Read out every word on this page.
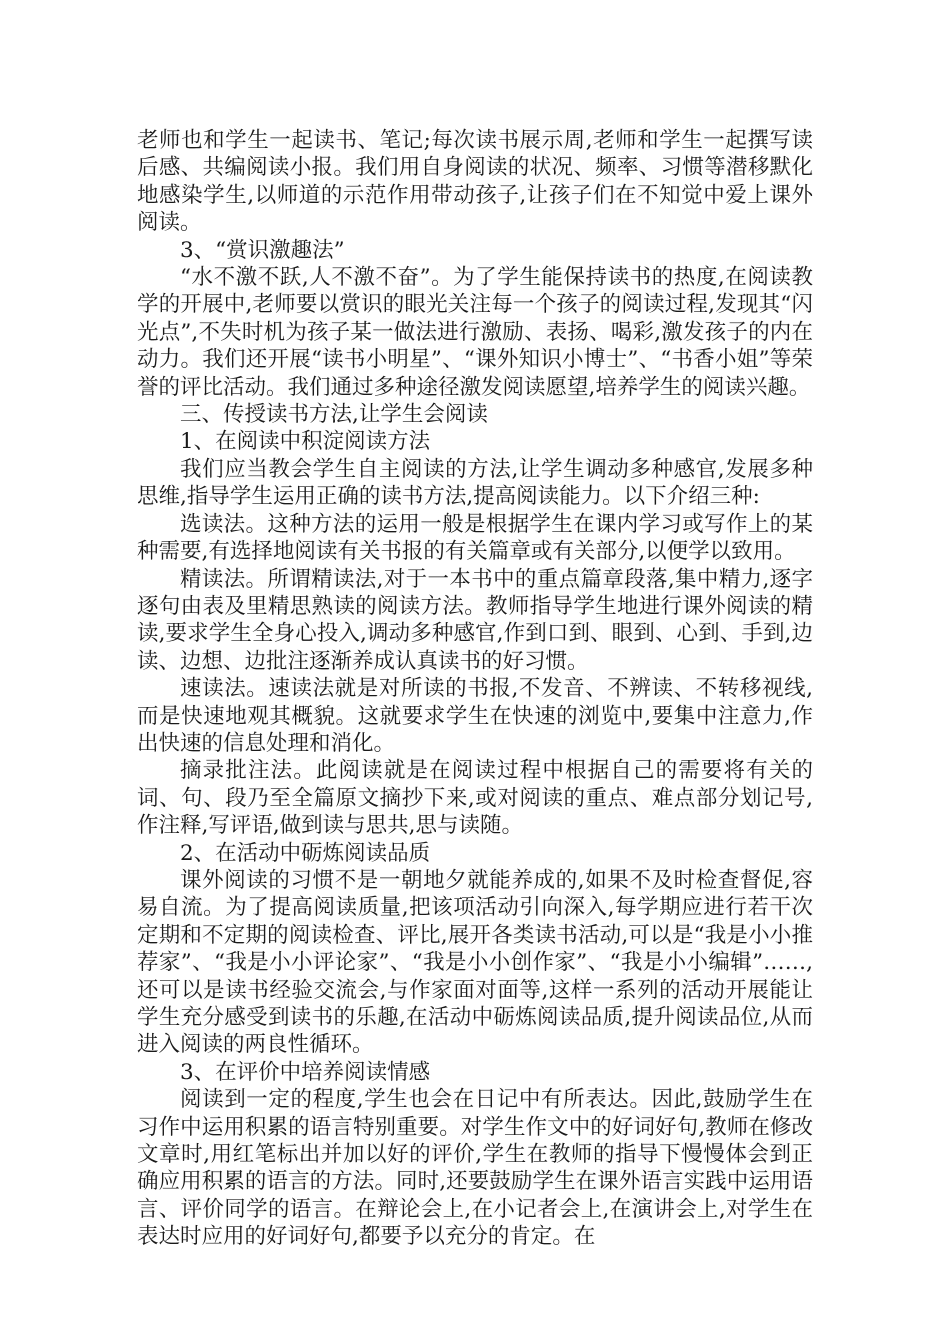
老师也和学生一起读书、笔记;每次读书展示周,老师和学生一起撰写读后感、共编阅读小报。我们用自身阅读的状况、频率、习惯等潜移默化地感染学生,以师道的示范作用带动孩子,让孩子们在不知觉中爱上课外阅读。

3、“赏识激趣法”

“水不激不跃,人不激不奋”。为了学生能保持读书的热度,在阅读教学的开展中,老师要以赏识的眼光关注每一个孩子的阅读过程,发现其“闪光点”,不失时机为孩子某一做法进行激励、表扬、喝彩,激发孩子的内在动力。我们还开展“读书小明星”、“课外知识小博士”、“书香小姐”等荣誉的评比活动。我们通过多种途径激发阅读愿望,培养学生的阅读兴趣。

三、传授读书方法,让学生会阅读

1、在阅读中积淀阅读方法

我们应当教会学生自主阅读的方法,让学生调动多种感官,发展多种思维,指导学生运用正确的读书方法,提高阅读能力。以下介绍三种:

选读法。这种方法的运用一般是根据学生在课内学习或写作上的某种需要,有选择地阅读有关书报的有关篇章或有关部分,以便学以致用。

精读法。所谓精读法,对于一本书中的重点篇章段落,集中精力,逐字逐句由表及里精思熟读的阅读方法。教师指导学生地进行课外阅读的精读,要求学生全身心投入,调动多种感官,作到口到、眼到、心到、手到,边读、边想、边批注逐渐养成认真读书的好习惯。

速读法。速读法就是对所读的书报,不发音、不辨读、不转移视线,而是快速地观其概貌。这就要求学生在快速的浏览中,要集中注意力,作出快速的信息处理和消化。

摘录批注法。此阅读就是在阅读过程中根据自己的需要将有关的词、句、段乃至全篇原文摘抄下来,或对阅读的重点、难点部分划记号,作注释,写评语,做到读与思共,思与读随。

2、在活动中砺炼阅读品质

课外阅读的习惯不是一朝地夕就能养成的,如果不及时检查督促,容易自流。为了提高阅读质量,把该项活动引向深入,每学期应进行若干次定期和不定期的阅读检查、评比,展开各类读书活动,可以是“我是小小推荐家”、“我是小小评论家”、“我是小小创作家”、“我是小小编辑”……,还可以是读书经验交流会,与作家面对面等,这样一系列的活动开展能让学生充分感受到读书的乐趣,在活动中砺炼阅读品质,提升阅读品位,从而进入阅读的两良性循环。

3、在评价中培养阅读情感

阅读到一定的程度,学生也会在日记中有所表达。因此,鼓励学生在习作中运用积累的语言特别重要。对学生作文中的好词好句,教师在修改文章时,用红笔标出并加以好的评价,学生在教师的指导下慢慢体会到正确应用积累的语言的方法。同时,还要鼓励学生在课外语言实践中运用语言、评价同学的语言。在辩论会上,在小记者会上,在演讲会上,对学生在表达时应用的好词好句,都要予以充分的肯定。在
